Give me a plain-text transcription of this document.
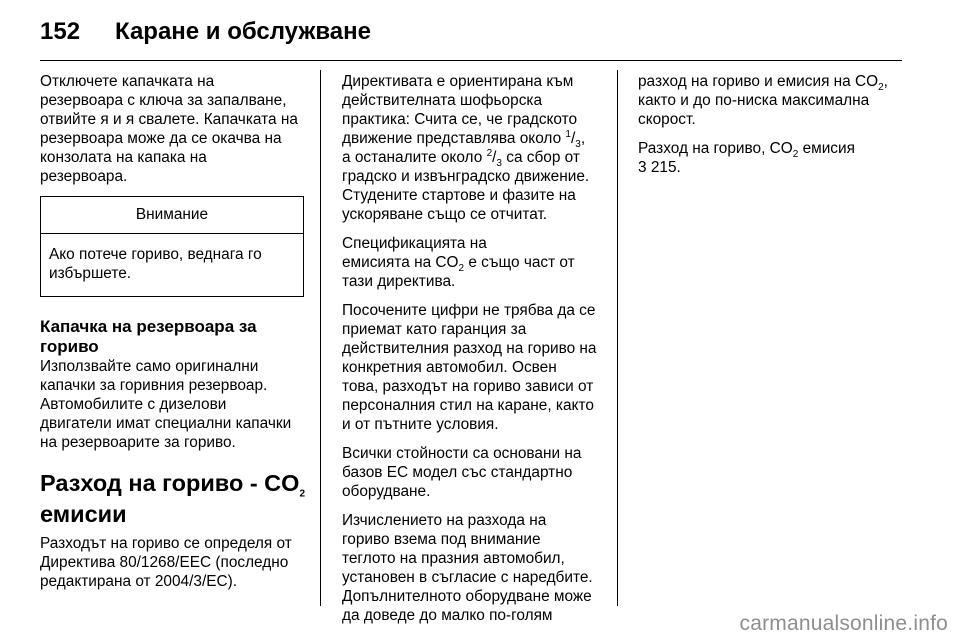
152 Каране и обслужване

Отключете капачката на
резервоара с ключа за запалване,
отвийте я и я свалете. Капачката на
резервоара може да се окачва на
конзолата на капака на
резервоара.

Внимание
Ако потече гориво, веднага го
избършете.
Капачка на резервоара за
гориво

Използвайте само оригинални
капачки за горивния резервоар.
Автомобилите с дизелови
двигатели имат специални капачки
на резервоарите за гориво.

Разход на гориво - $CO_2$
емисии

Разходът на гориво се определя от
Директива 80/1268/EEC (последно
редактирана от 2004/3/EC).

Директивата е ориентирана към
действителната шофьорска
практика: Счита се, че градското
движение представлява около $^1/_3$,
а останалите около $^2/_3$ са сбор от
градско и извънградско движение.
Студените стартове и фазите на
ускоряване също се отчитат.

Спецификацията на
емисията на $CO_2$ е също част от
тази директива.

Посочените цифри не трябва да се
приемат като гаранция за
действителния разход на гориво на
конкретния автомобил. Освен
това, разходът на гориво зависи от
персоналния стил на каране, както
и от пътните условия.

Всички стойности са основани на
базов ЕС модел със стандартно
оборудване.

Изчислението на разхода на
гориво взема под внимание
теглото на празния автомобил,
установен в съгласие с наредбите.
Допълнителното оборудване може
да доведе до малко по-голям

разход на гориво и емисия на $CO_2$,
както и до по-ниска максимална
скорост.

Разход на гориво, $CO_2$ емисия
3 215.

carmanualsonline.info
